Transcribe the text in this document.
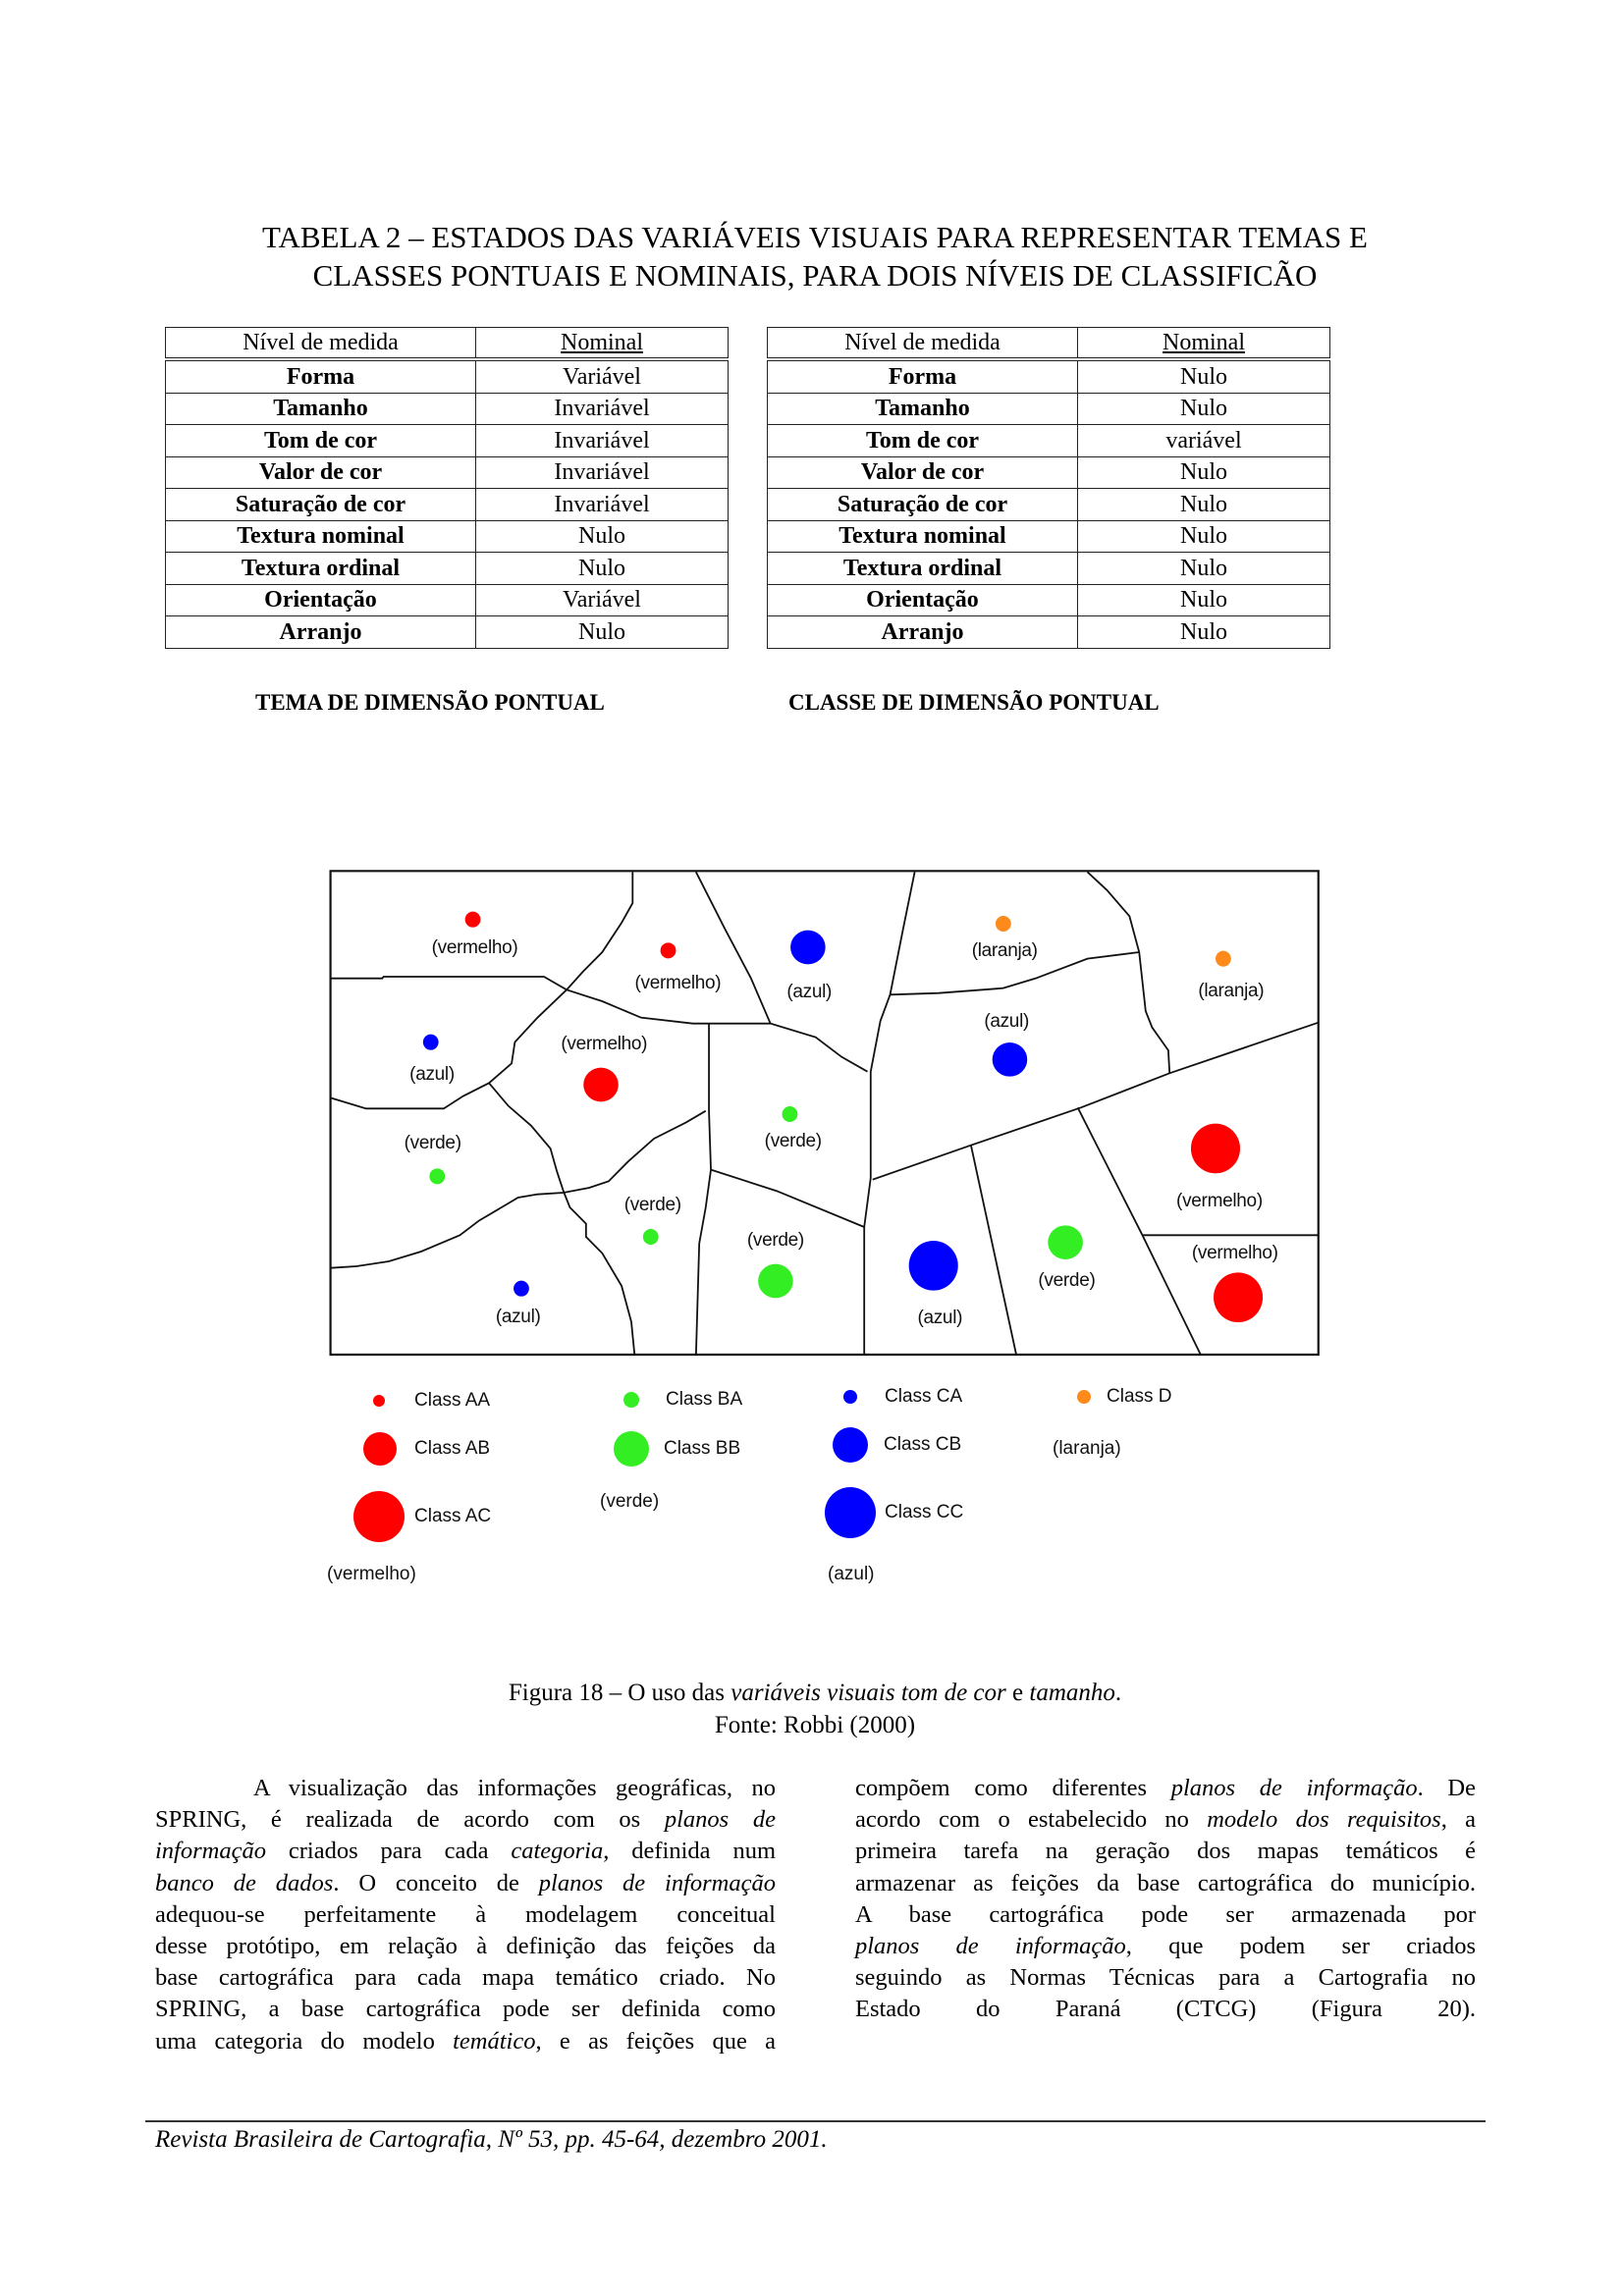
TABELA 2 – ESTADOS DAS VARIÁVEIS VISUAIS PARA REPRESENTAR TEMAS E
CLASSES PONTUAIS E NOMINAIS, PARA DOIS NÍVEIS DE CLASSIFICÃO
Nível de medida	Nominal
Forma	Variável
Tamanho	Invariável
Tom de cor	Invariável
Valor de cor	Invariável
Saturação de cor	Invariável
Textura nominal	Nulo
Textura ordinal	Nulo
Orientação	Variável
Arranjo	Nulo
Nível de medida	Nominal
Forma	Nulo
Tamanho	Nulo
Tom de cor	variável
Valor de cor	Nulo
Saturação de cor	Nulo
Textura nominal	Nulo
Textura ordinal	Nulo
Orientação	Nulo
Arranjo	Nulo
TEMA DE DIMENSÃO PONTUAL	CLASSE DE DIMENSÃO PONTUAL
(vermelho)
(vermelho)	(azul)
(laranja)
(laranja)
(azul)
(vermelho)
(azul)
(verde)	(verde)
(verde)	(vermelho)
(verde)
(vermelho)
(verde)
(azul)	(azul)
Class AA
Class AB
Class AC
Class BA
Class BB
Class CA
Class CB
Class CC
Class D
(vermelho)
(verde)
(azul)
(laranja)
Figura 18 – O uso das variáveis visuais tom de cor e tamanho.
Fonte: Robbi (2000)
A visualização das informações geográficas, no
SPRING, é realizada de acordo com os planos de
informação criados para cada categoria, definida num
banco de dados. O conceito de planos de informação
adequou-se perfeitamente à modelagem conceitual
desse protótipo, em relação à definição das feições da
base cartográfica para cada mapa temático criado. No
SPRING, a base cartográfica pode ser definida como
uma categoria do modelo temático, e as feições que a
compõem como diferentes planos de informação. De
acordo com o estabelecido no modelo dos requisitos, a
primeira tarefa na geração dos mapas temáticos é
armazenar as feições da base cartográfica do município.
A base cartográfica pode ser armazenada por
planos de informação, que podem ser criados
seguindo as Normas Técnicas para a Cartografia no
Estado do Paraná (CTCG) (Figura 20).
Revista Brasileira de Cartografia, Nº 53, pp. 45-64, dezembro 2001.
